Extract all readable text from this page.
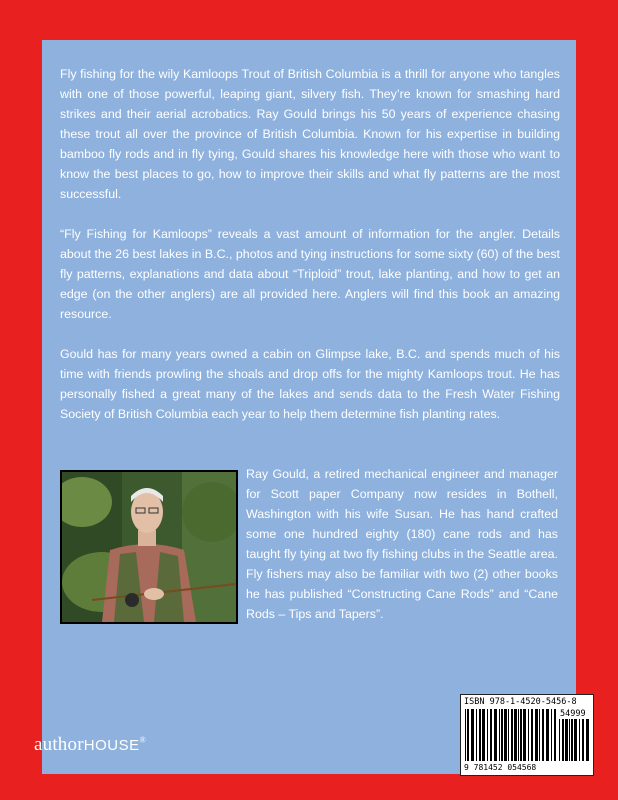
Fly fishing for the wily Kamloops Trout of British Columbia is a thrill for anyone who tangles with one of those powerful, leaping giant, silvery fish. They’re known for smashing hard strikes and their aerial acrobatics. Ray Gould brings his 50 years of experience chasing these trout all over the province of British Columbia. Known for his expertise in building bamboo fly rods and in fly tying, Gould shares his knowledge here with those who want to know the best places to go, how to improve their skills and what fly patterns are the most successful.

“Fly Fishing for Kamloops” reveals a vast amount of information for the angler. Details about the 26 best lakes in B.C., photos and tying instructions for some sixty (60) of the best fly patterns, explanations and data about “Triploid” trout, lake planting, and how to get an edge (on the other anglers) are all provided here. Anglers will find this book an amazing resource.

Gould has for many years owned a cabin on Glimpse lake, B.C. and spends much of his time with friends prowling the shoals and drop offs for the mighty Kamloops trout. He has personally fished a great many of the lakes and sends data to the Fresh Water Fishing Society of British Columbia each year to help them determine fish planting rates.

Ray Gould, a retired mechanical engineer and manager for Scott paper Company now resides in Bothell, Washington with his wife Susan. He has hand crafted some one hundred eighty (180) cane rods and has taught fly tying at two fly fishing clubs in the Seattle area. Fly fishers may also be familiar with two (2) other books he has published “Constructing Cane Rods” and “Cane Rods – Tips and Tapers”.

authorHOUSE®
ISBN 978-1-4520-5456-8
54999
9 781452 054568
